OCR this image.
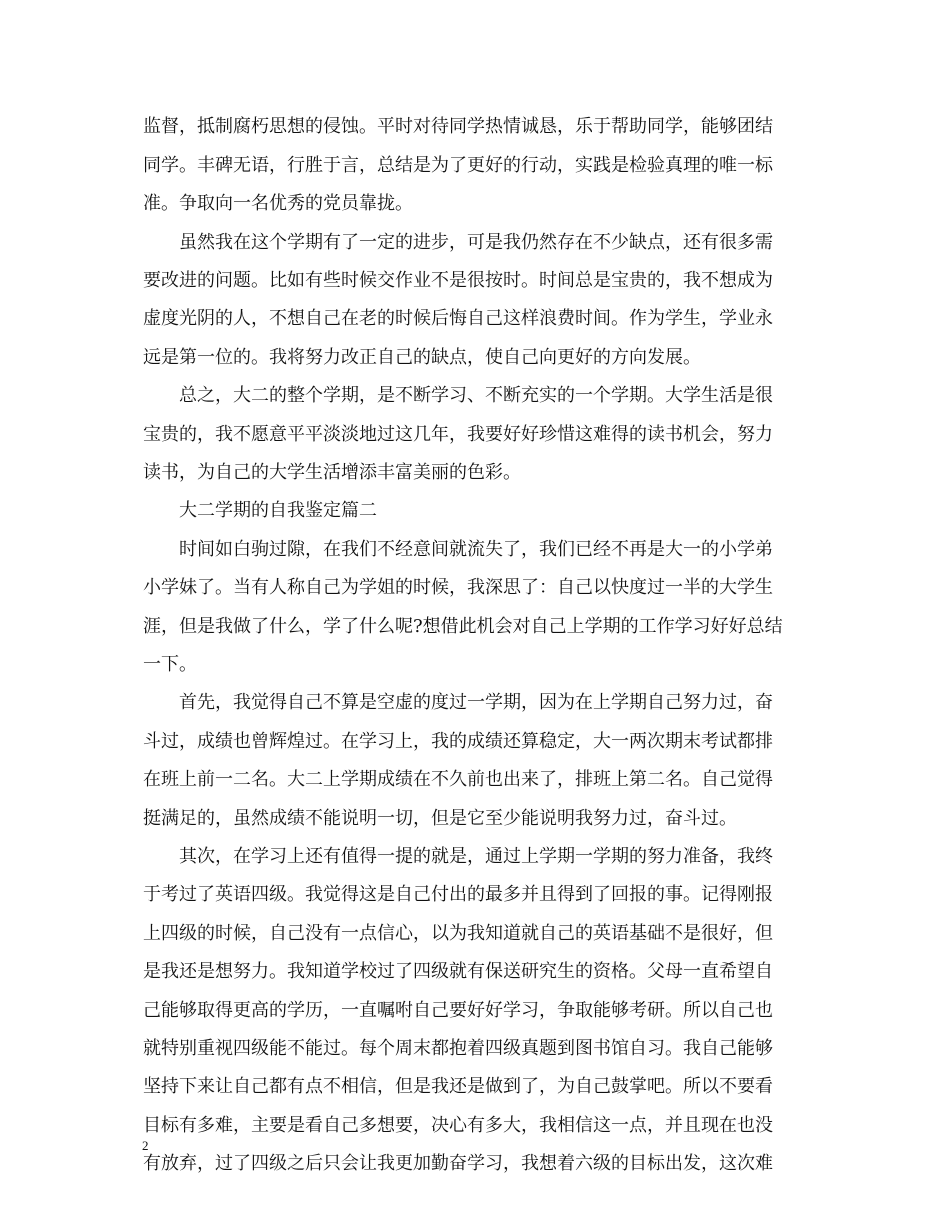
监督，抵制腐朽思想的侵蚀。平时对待同学热情诚恳，乐于帮助同学，能够团结
同学。丰碑无语，行胜于言，总结是为了更好的行动，实践是检验真理的唯一标
准。争取向一名优秀的党员靠拢。
　　虽然我在这个学期有了一定的进步，可是我仍然存在不少缺点，还有很多需
要改进的问题。比如有些时候交作业不是很按时。时间总是宝贵的，我不想成为
虚度光阴的人，不想自己在老的时候后悔自己这样浪费时间。作为学生，学业永
远是第一位的。我将努力改正自己的缺点，使自己向更好的方向发展。
　　总之，大二的整个学期，是不断学习、不断充实的一个学期。大学生活是很
宝贵的，我不愿意平平淡淡地过这几年，我要好好珍惜这难得的读书机会，努力
读书，为自己的大学生活增添丰富美丽的色彩。
　　大二学期的自我鉴定篇二
　　时间如白驹过隙，在我们不经意间就流失了，我们已经不再是大一的小学弟
小学妹了。当有人称自己为学姐的时候，我深思了：自己以快度过一半的大学生
涯，但是我做了什么，学了什么呢?想借此机会对自己上学期的工作学习好好总结
一下。
　　首先，我觉得自己不算是空虚的度过一学期，因为在上学期自己努力过，奋
斗过，成绩也曾辉煌过。在学习上，我的成绩还算稳定，大一两次期末考试都排
在班上前一二名。大二上学期成绩在不久前也出来了，排班上第二名。自己觉得
挺满足的，虽然成绩不能说明一切，但是它至少能说明我努力过，奋斗过。
　　其次，在学习上还有值得一提的就是，通过上学期一学期的努力准备，我终
于考过了英语四级。我觉得这是自己付出的最多并且得到了回报的事。记得刚报
上四级的时候，自己没有一点信心，以为我知道就自己的英语基础不是很好，但
是我还是想努力。我知道学校过了四级就有保送研究生的资格。父母一直希望自
己能够取得更高的学历，一直嘱咐自己要好好学习，争取能够考研。所以自己也
就特别重视四级能不能过。每个周末都抱着四级真题到图书馆自习。我自己能够
坚持下来让自己都有点不相信，但是我还是做到了，为自己鼓掌吧。所以不要看
目标有多难，主要是看自己多想要，决心有多大，我相信这一点，并且现在也没
有放弃，过了四级之后只会让我更加勤奋学习，我想着六级的目标出发，这次难
2
